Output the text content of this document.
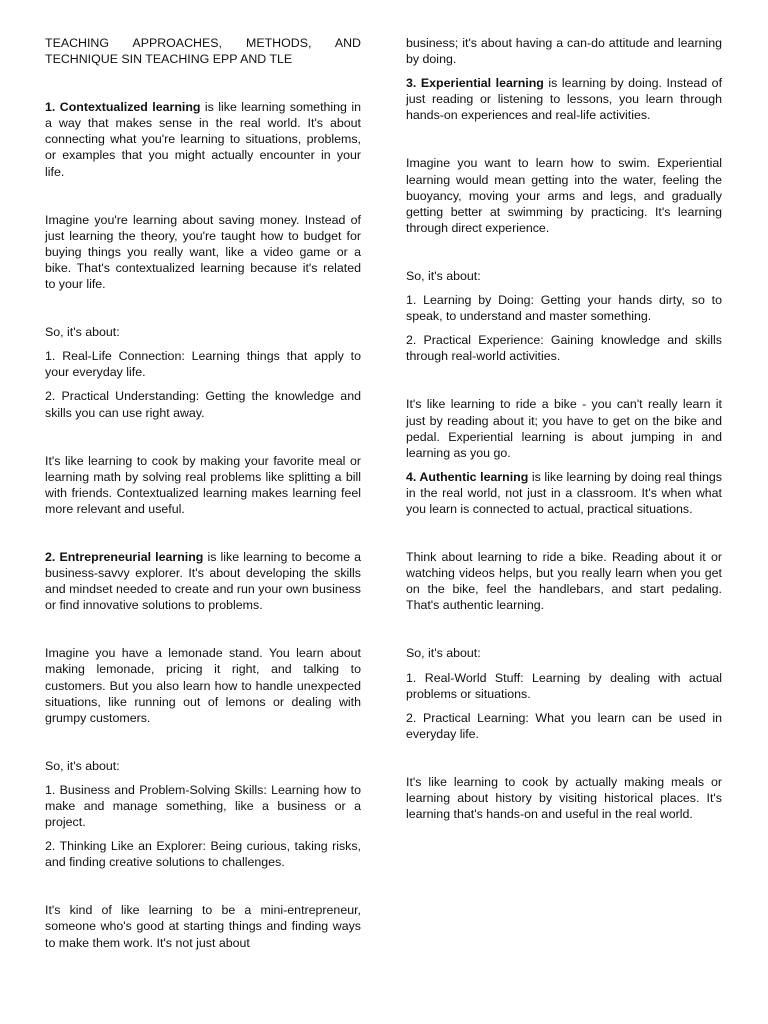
TEACHING APPROACHES, METHODS, AND TECHNIQUE SIN TEACHING EPP AND TLE

1. Contextualized learning is like learning something in a way that makes sense in the real world. It's about connecting what you're learning to situations, problems, or examples that you might actually encounter in your life.

Imagine you're learning about saving money. Instead of just learning the theory, you're taught how to budget for buying things you really want, like a video game or a bike. That's contextualized learning because it's related to your life.

So, it's about:

1. Real-Life Connection: Learning things that apply to your everyday life.

2. Practical Understanding: Getting the knowledge and skills you can use right away.

It's like learning to cook by making your favorite meal or learning math by solving real problems like splitting a bill with friends. Contextualized learning makes learning feel more relevant and useful.

2. Entrepreneurial learning is like learning to become a business-savvy explorer. It's about developing the skills and mindset needed to create and run your own business or find innovative solutions to problems.

Imagine you have a lemonade stand. You learn about making lemonade, pricing it right, and talking to customers. But you also learn how to handle unexpected situations, like running out of lemons or dealing with grumpy customers.

So, it's about:

1. Business and Problem-Solving Skills: Learning how to make and manage something, like a business or a project.

2. Thinking Like an Explorer: Being curious, taking risks, and finding creative solutions to challenges.

It's kind of like learning to be a mini-entrepreneur, someone who's good at starting things and finding ways to make them work. It's not just about

business; it's about having a can-do attitude and learning by doing.

3. Experiential learning is learning by doing. Instead of just reading or listening to lessons, you learn through hands-on experiences and real-life activities.

Imagine you want to learn how to swim. Experiential learning would mean getting into the water, feeling the buoyancy, moving your arms and legs, and gradually getting better at swimming by practicing. It's learning through direct experience.

So, it's about:

1. Learning by Doing: Getting your hands dirty, so to speak, to understand and master something.

2. Practical Experience: Gaining knowledge and skills through real-world activities.

It's like learning to ride a bike - you can't really learn it just by reading about it; you have to get on the bike and pedal. Experiential learning is about jumping in and learning as you go.

4. Authentic learning is like learning by doing real things in the real world, not just in a classroom. It's when what you learn is connected to actual, practical situations.

Think about learning to ride a bike. Reading about it or watching videos helps, but you really learn when you get on the bike, feel the handlebars, and start pedaling. That's authentic learning.

So, it's about:

1. Real-World Stuff: Learning by dealing with actual problems or situations.

2. Practical Learning: What you learn can be used in everyday life.

It's like learning to cook by actually making meals or learning about history by visiting historical places. It's learning that's hands-on and useful in the real world.
